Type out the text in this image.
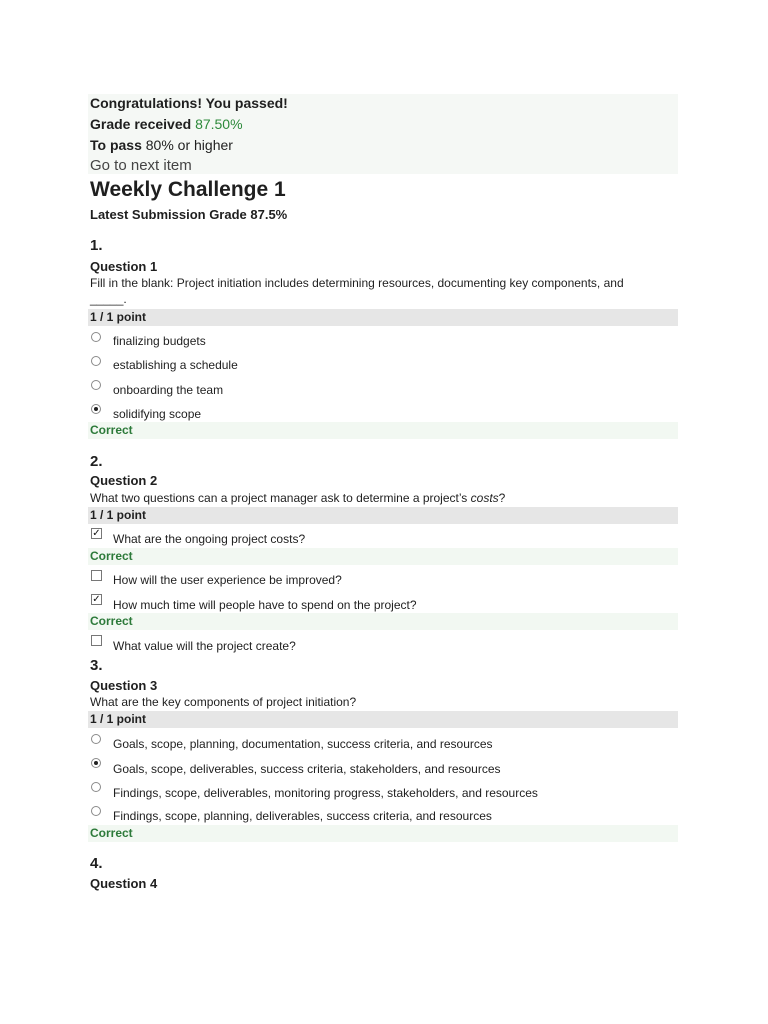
Congratulations! You passed!
Grade received 87.50%
To pass 80% or higher
Go to next item
Weekly Challenge 1
Latest Submission Grade 87.5%
1.
Question 1
Fill in the blank: Project initiation includes determining resources, documenting key components, and
_____.
1 / 1 point
finalizing budgets
establishing a schedule
onboarding the team
solidifying scope
Correct
2.
Question 2
What two questions can a project manager ask to determine a project’s costs?
1 / 1 point
✓ What are the ongoing project costs?
Correct
How will the user experience be improved?
✓ How much time will people have to spend on the project?
Correct
What value will the project create?
3.
Question 3
What are the key components of project initiation?
1 / 1 point
Goals, scope, planning, documentation, success criteria, and resources
Goals, scope, deliverables, success criteria, stakeholders, and resources
Findings, scope, deliverables, monitoring progress, stakeholders, and resources
Findings, scope, planning, deliverables, success criteria, and resources
Correct
4.
Question 4
